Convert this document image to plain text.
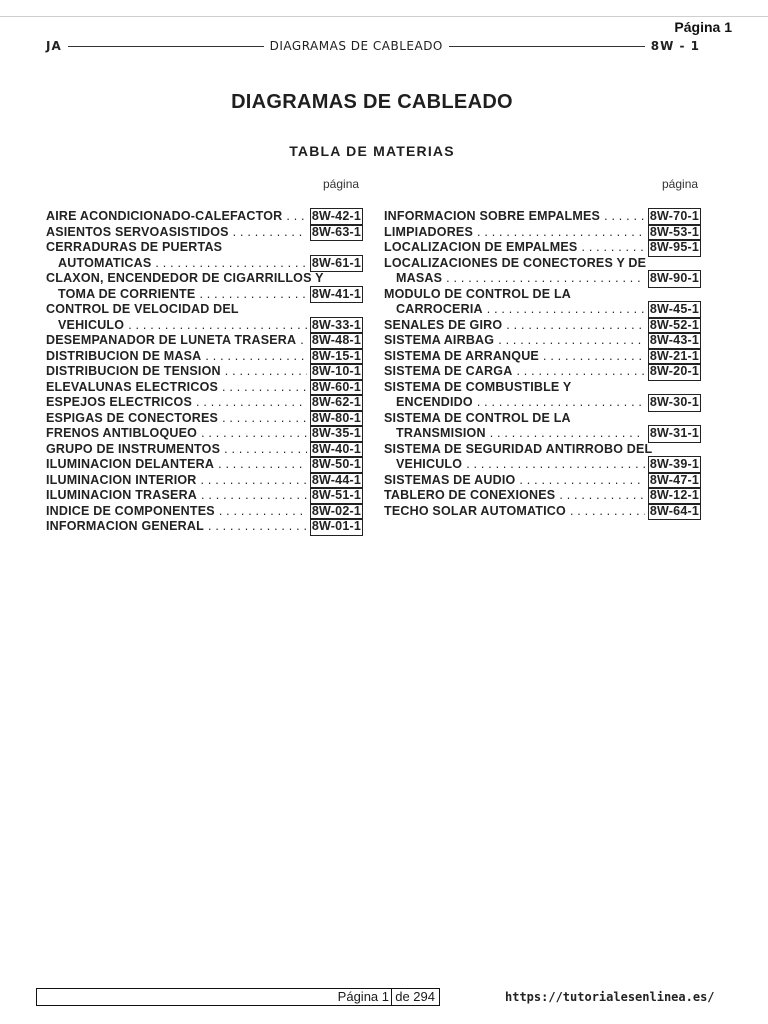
Página 1
JA	DIAGRAMAS DE CABLEADO	8W - 1
DIAGRAMAS DE CABLEADO
TABLA DE MATERIAS
página	página
AIRE ACONDICIONADO-CALEFACTOR . . . 8W-42-1
ASIENTOS SERVOASISTIDOS . . .	8W-63-1
CERRADURAS DE PUERTAS
AUTOMATICAS . . .	8W-61-1
CLAXON, ENCENDEDOR DE CIGARRILLOS Y
TOMA DE CORRIENTE . . .	8W-41-1
CONTROL DE VELOCIDAD DEL
VEHICULO . . .	8W-33-1
DESEMPANADOR DE LUNETA TRASERA . . . 8W-48-1
DISTRIBUCION DE MASA . . .	8W-15-1
DISTRIBUCION DE TENSION . . .	8W-10-1
ELEVALUNAS ELECTRICOS . . .	8W-60-1
ESPEJOS ELECTRICOS . . .	8W-62-1
ESPIGAS DE CONECTORES . . .	8W-80-1
FRENOS ANTIBLOQUEO . . .	8W-35-1
GRUPO DE INSTRUMENTOS . . .	8W-40-1
ILUMINACION DELANTERA . . .	8W-50-1
ILUMINACION INTERIOR . . .	8W-44-1
ILUMINACION TRASERA . . .	8W-51-1
INDICE DE COMPONENTES . . .	8W-02-1
INFORMACION GENERAL . . .	8W-01-1
INFORMACION SOBRE EMPALMES . . .	8W-70-1
LIMPIADORES . . .	8W-53-1
LOCALIZACION DE EMPALMES . . .	8W-95-1
LOCALIZACIONES DE CONECTORES Y DE
MASAS . . .	8W-90-1
MODULO DE CONTROL DE LA
CARROCERIA . . .	8W-45-1
SENALES DE GIRO . . .	8W-52-1
SISTEMA AIRBAG . . .	8W-43-1
SISTEMA DE ARRANQUE . . .	8W-21-1
SISTEMA DE CARGA . . .	8W-20-1
SISTEMA DE COMBUSTIBLE Y
ENCENDIDO . . .	8W-30-1
SISTEMA DE CONTROL DE LA
TRANSMISION . . .	8W-31-1
SISTEMA DE SEGURIDAD ANTIRROBO DEL
VEHICULO . . .	8W-39-1
SISTEMAS DE AUDIO . . .	8W-47-1
TABLERO DE CONEXIONES . . .	8W-12-1
TECHO SOLAR AUTOMATICO . . .	8W-64-1
Página 1 de 294	https://tutorialesenlinea.es/
